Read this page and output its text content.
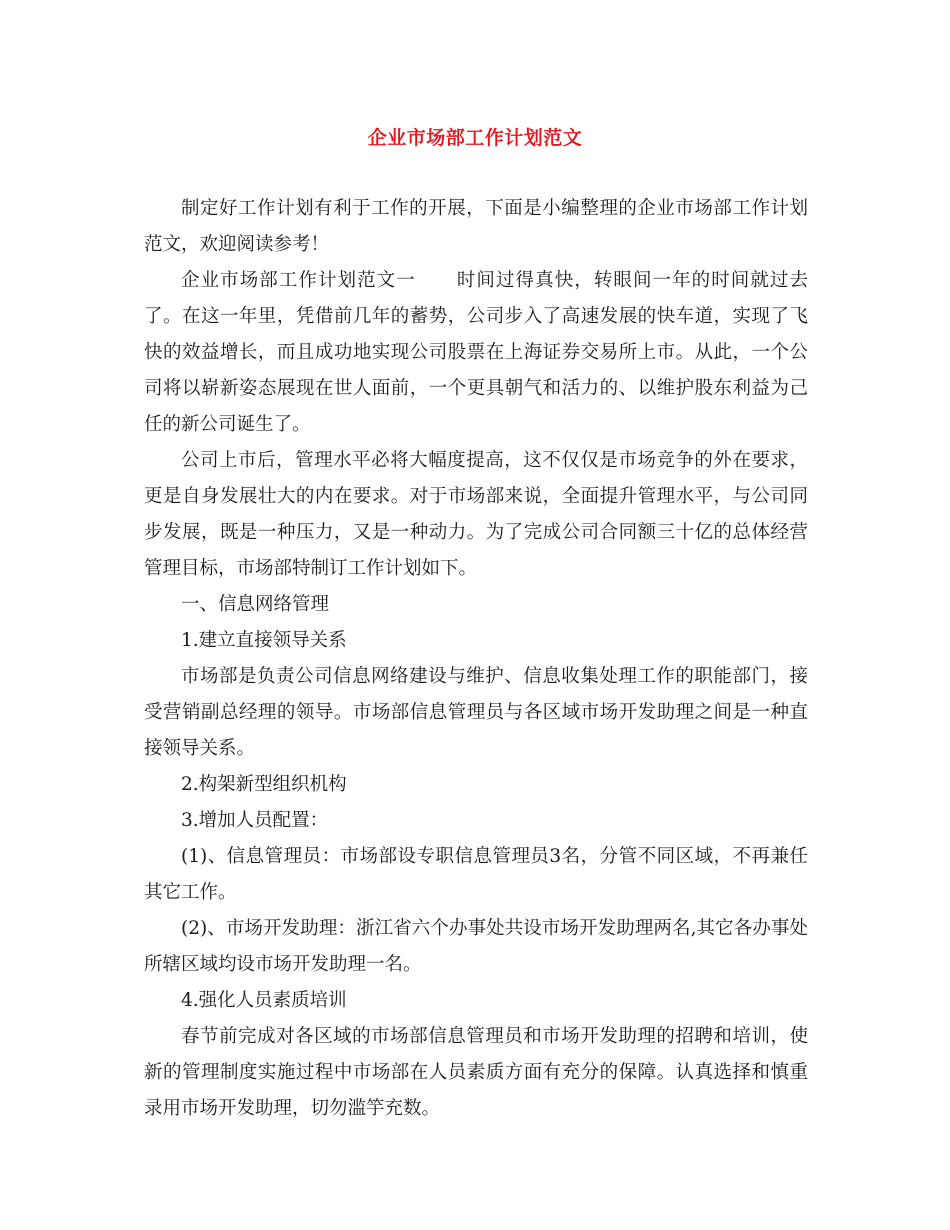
企业市场部工作计划范文

制定好工作计划有利于工作的开展，下面是小编整理的企业市场部工作计划范文，欢迎阅读参考！

企业市场部工作计划范文一 时间过得真快，转眼间一年的时间就过去了。在这一年里，凭借前几年的蓄势，公司步入了高速发展的快车道，实现了飞快的效益增长，而且成功地实现公司股票在上海证券交易所上市。从此，一个公司将以崭新姿态展现在世人面前，一个更具朝气和活力的、以维护股东利益为己任的新公司诞生了。

公司上市后，管理水平必将大幅度提高，这不仅仅是市场竞争的外在要求，更是自身发展壮大的内在要求。对于市场部来说，全面提升管理水平，与公司同步发展，既是一种压力，又是一种动力。为了完成公司合同额三十亿的总体经营管理目标，市场部特制订工作计划如下。

一、信息网络管理

1.建立直接领导关系

市场部是负责公司信息网络建设与维护、信息收集处理工作的职能部门，接受营销副总经理的领导。市场部信息管理员与各区域市场开发助理之间是一种直接领导关系。

2.构架新型组织机构

3.增加人员配置：

(1)、信息管理员：市场部设专职信息管理员3名，分管不同区域，不再兼任其它工作。

(2)、市场开发助理：浙江省六个办事处共设市场开发助理两名,其它各办事处所辖区域均设市场开发助理一名。

4.强化人员素质培训

春节前完成对各区域的市场部信息管理员和市场开发助理的招聘和培训，使新的管理制度实施过程中市场部在人员素质方面有充分的保障。认真选择和慎重录用市场开发助理，切勿滥竽充数。
